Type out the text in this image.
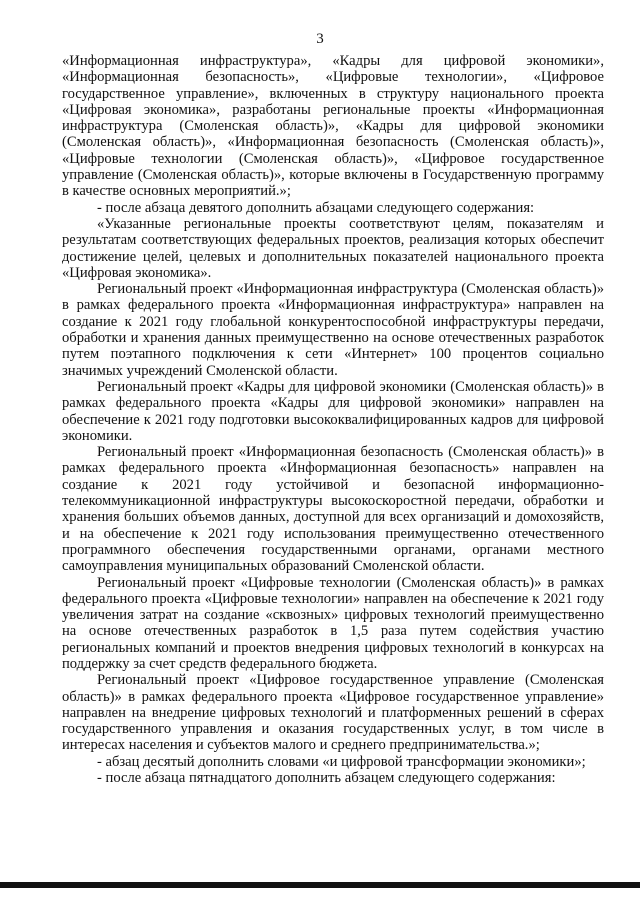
3

«Информационная инфраструктура», «Кадры для цифровой экономики», «Информационная безопасность», «Цифровые технологии», «Цифровое государственное управление», включенных в структуру национального проекта «Цифровая экономика», разработаны региональные проекты «Информационная инфраструктура (Смоленская область)», «Кадры для цифровой экономики (Смоленская область)», «Информационная безопасность (Смоленская область)», «Цифровые технологии (Смоленская область)», «Цифровое государственное управление (Смоленская область)», которые включены в Государственную программу в качестве основных мероприятий.»;

- после абзаца девятого дополнить абзацами следующего содержания:

«Указанные региональные проекты соответствуют целям, показателям и результатам соответствующих федеральных проектов, реализация которых обеспечит достижение целей, целевых и дополнительных показателей национального проекта «Цифровая экономика».

Региональный проект «Информационная инфраструктура (Смоленская область)» в рамках федерального проекта «Информационная инфраструктура» направлен на создание к 2021 году глобальной конкурентоспособной инфраструктуры передачи, обработки и хранения данных преимущественно на основе отечественных разработок путем поэтапного подключения к сети «Интернет» 100 процентов социально значимых учреждений Смоленской области.

Региональный проект «Кадры для цифровой экономики (Смоленская область)» в рамках федерального проекта «Кадры для цифровой экономики» направлен на обеспечение к 2021 году подготовки высококвалифицированных кадров для цифровой экономики.

Региональный проект «Информационная безопасность (Смоленская область)» в рамках федерального проекта «Информационная безопасность» направлен на создание к 2021 году устойчивой и безопасной информационно-телекоммуникационной инфраструктуры высокоскоростной передачи, обработки и хранения больших объемов данных, доступной для всех организаций и домохозяйств, и на обеспечение к 2021 году использования преимущественно отечественного программного обеспечения государственными органами, органами местного самоуправления муниципальных образований Смоленской области.

Региональный проект «Цифровые технологии (Смоленская область)» в рамках федерального проекта «Цифровые технологии» направлен на обеспечение к 2021 году увеличения затрат на создание «сквозных» цифровых технологий преимущественно на основе отечественных разработок в 1,5 раза путем содействия участию региональных компаний и проектов внедрения цифровых технологий в конкурсах на поддержку за счет средств федерального бюджета.

Региональный проект «Цифровое государственное управление (Смоленская область)» в рамках федерального проекта «Цифровое государственное управление» направлен на внедрение цифровых технологий и платформенных решений в сферах государственного управления и оказания государственных услуг, в том числе в интересах населения и субъектов малого и среднего предпринимательства.»;

- абзац десятый дополнить словами «и цифровой трансформации экономики»;

- после абзаца пятнадцатого дополнить абзацем следующего содержания:
